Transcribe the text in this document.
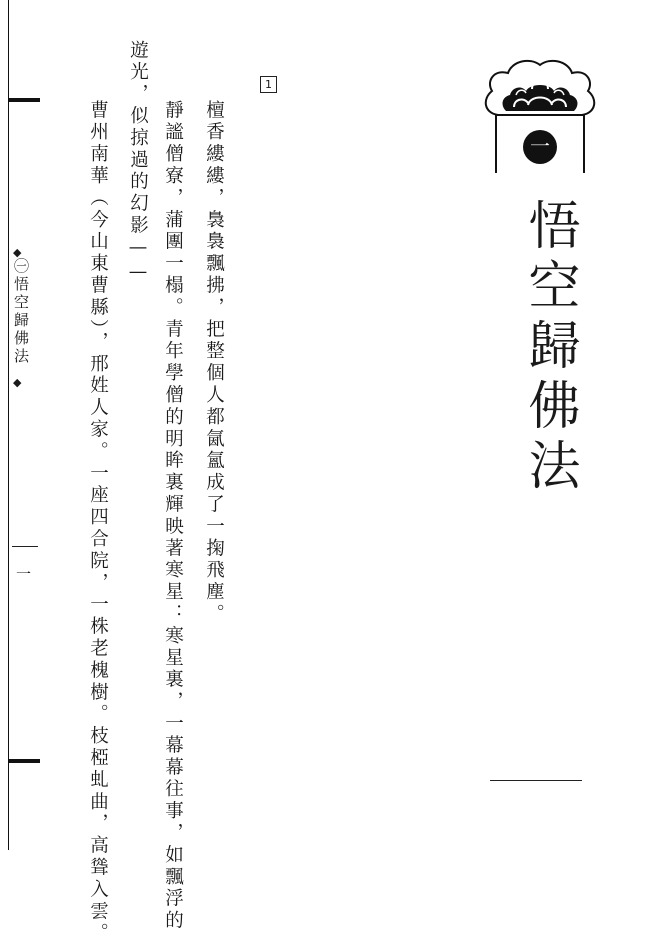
◆
㊀悟空歸佛法
◆
一	檀香縷縷，裊裊飄拂，把整個人都氤氳成了一掬飛塵。
靜謐僧寮，蒲團一榻。青年學僧的明眸裏輝映著寒星：寒星裏，一幕幕往事，如飄浮的
遊光，似掠過的幻影——
曹州南華（今山東曹縣），邢姓人家。一座四合院，一株老槐樹。枝椏虬曲，高聳入雲。
1
一
悟空歸佛法
